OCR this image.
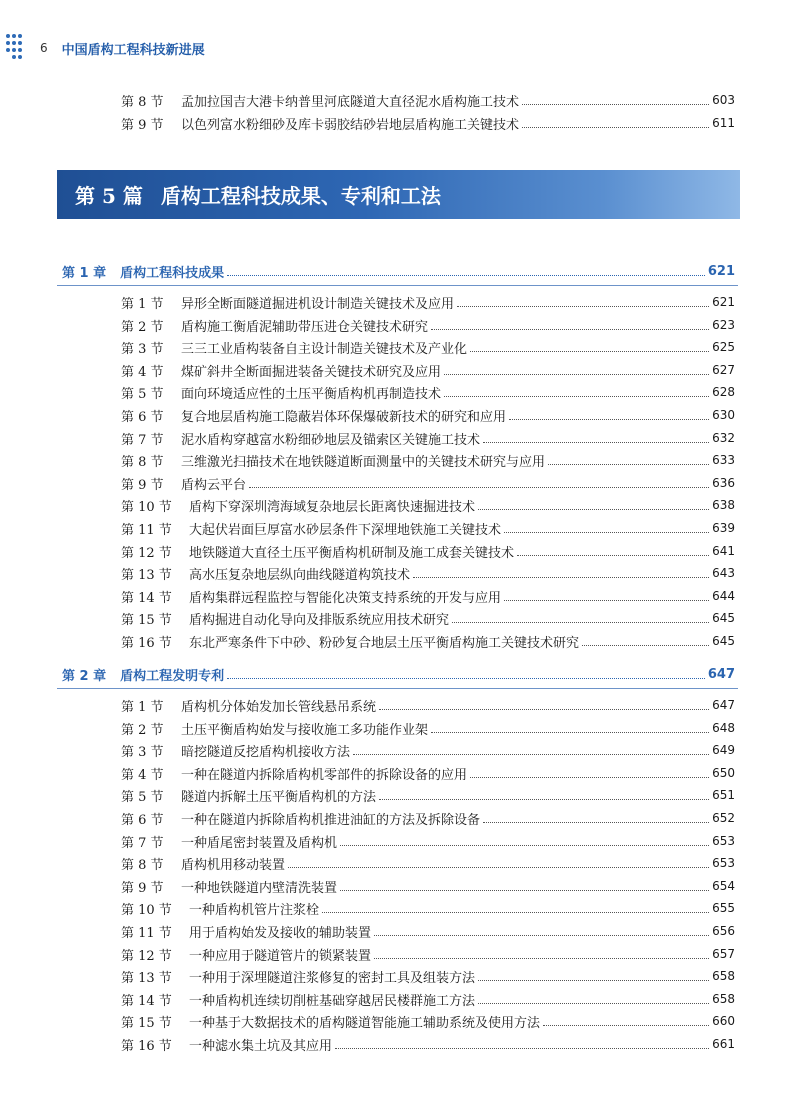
6 中国盾构工程科技新进展
第 8 节 孟加拉国吉大港卡纳普里河底隧道大直径泥水盾构施工技术	603
第 9 节 以色列富水粉细砂及库卡弱胶结砂岩地层盾构施工关键技术	611
第 5 篇 盾构工程科技成果、专利和工法
第 1 章 盾构工程科技成果	621
第 1 节 异形全断面隧道掘进机设计制造关键技术及应用	621
第 2 节 盾构施工衡盾泥辅助带压进仓关键技术研究	623
第 3 节 三三工业盾构装备自主设计制造关键技术及产业化	625
第 4 节 煤矿斜井全断面掘进装备关键技术研究及应用	627
第 5 节 面向环境适应性的土压平衡盾构机再制造技术	628
第 6 节 复合地层盾构施工隐蔽岩体环保爆破新技术的研究和应用	630
第 7 节 泥水盾构穿越富水粉细砂地层及锚索区关键施工技术	632
第 8 节 三维激光扫描技术在地铁隧道断面测量中的关键技术研究与应用	633
第 9 节 盾构云平台	636
第 10 节 盾构下穿深圳湾海域复杂地层长距离快速掘进技术	638
第 11 节 大起伏岩面巨厚富水砂层条件下深埋地铁施工关键技术	639
第 12 节 地铁隧道大直径土压平衡盾构机研制及施工成套关键技术	641
第 13 节 高水压复杂地层纵向曲线隧道构筑技术	643
第 14 节 盾构集群远程监控与智能化决策支持系统的开发与应用	644
第 15 节 盾构掘进自动化导向及排版系统应用技术研究	645
第 16 节 东北严寒条件下中砂、粉砂复合地层土压平衡盾构施工关键技术研究	645
第 2 章 盾构工程发明专利	647
第 1 节 盾构机分体始发加长管线悬吊系统	647
第 2 节 土压平衡盾构始发与接收施工多功能作业架	648
第 3 节 暗挖隧道反挖盾构机接收方法	649
第 4 节 一种在隧道内拆除盾构机零部件的拆除设备的应用	650
第 5 节 隧道内拆解土压平衡盾构机的方法	651
第 6 节 一种在隧道内拆除盾构机推进油缸的方法及拆除设备	652
第 7 节 一种盾尾密封装置及盾构机	653
第 8 节 盾构机用移动装置	653
第 9 节 一种地铁隧道内壁清洗装置	654
第 10 节 一种盾构机管片注浆栓	655
第 11 节 用于盾构始发及接收的辅助装置	656
第 12 节 一种应用于隧道管片的锁紧装置	657
第 13 节 一种用于深埋隧道注浆修复的密封工具及组装方法	658
第 14 节 一种盾构机连续切削桩基础穿越居民楼群施工方法	658
第 15 节 一种基于大数据技术的盾构隧道智能施工辅助系统及使用方法	660
第 16 节 一种滤水集土坑及其应用	661
